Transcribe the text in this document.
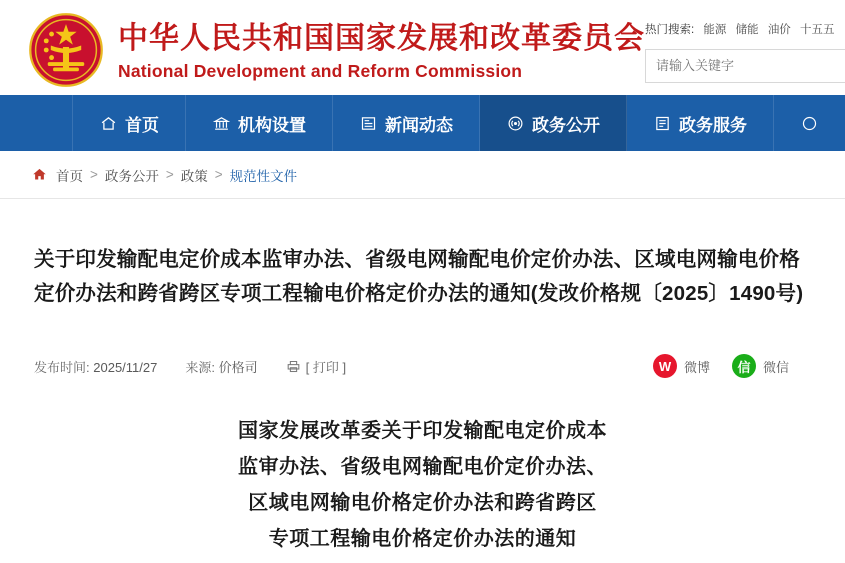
中华人民共和国国家发展和改革委员会
National Development and Reform Commission
热门搜索: 能源 储能 油价 十五五
请输入关键字
首页	机构设置	新闻动态	政务公开	政务服务
首页 > 政务公开 > 政策 > 规范性文件
关于印发输配电定价成本监审办法、省级电网输配电价定价办法、区域电网输电价格定价办法和跨省跨区专项工程输电价格定价办法的通知(发改价格规〔2025〕1490号)
发布时间: 2025/11/27 来源: 价格司	[ 打印 ]	W 微博	信 微信
国家发展改革委关于印发输配电定价成本
监审办法、省级电网输配电价定价办法、
区域电网输电价格定价办法和跨省跨区
专项工程输电价格定价办法的通知
